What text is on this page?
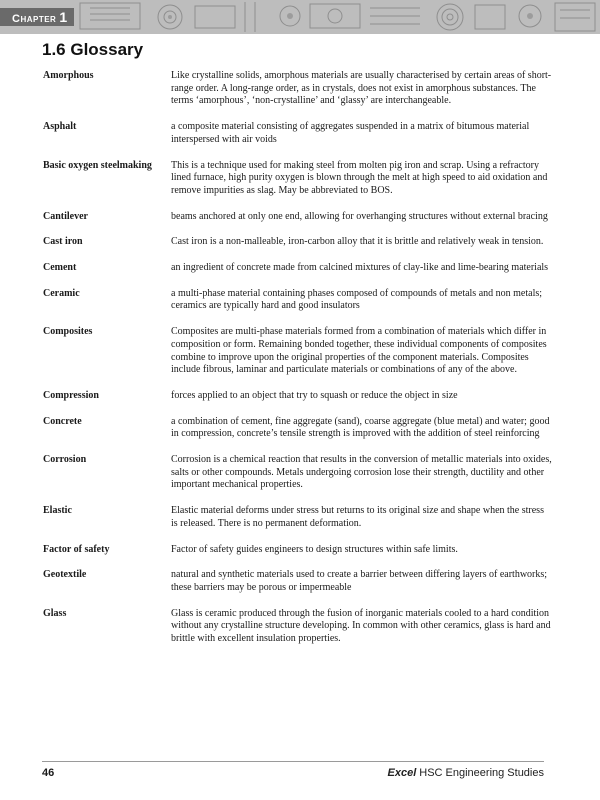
Chapter 1
1.6 Glossary
Amorphous	Like crystalline solids, amorphous materials are usually characterised by certain areas of short-range order. A long-range order, as in crystals, does not exist in amorphous substances. The terms ‘amorphous’, ‘non-crystalline’ and ‘glassy’ are interchangeable.
Asphalt	a composite material consisting of aggregates suspended in a matrix of bitumous material interspersed with air voids
Basic oxygen steelmaking	This is a technique used for making steel from molten pig iron and scrap. Using a refractory lined furnace, high purity oxygen is blown through the melt at high speed to aid oxidation and remove impurities as slag. May be abbreviated to BOS.
Cantilever	beams anchored at only one end, allowing for overhanging structures without external bracing
Cast iron	Cast iron is a non-malleable, iron-carbon alloy that it is brittle and relatively weak in tension.
Cement	an ingredient of concrete made from calcined mixtures of clay-like and lime-bearing materials
Ceramic	a multi-phase material containing phases composed of compounds of metals and non metals; ceramics are typically hard and good insulators
Composites	Composites are multi-phase materials formed from a combination of materials which differ in composition or form. Remaining bonded together, these individual components of composites combine to improve upon the original properties of the component materials. Composites include fibrous, laminar and particulate materials or combinations of any of the above.
Compression	forces applied to an object that try to squash or reduce the object in size
Concrete	a combination of cement, fine aggregate (sand), coarse aggregate (blue metal) and water; good in compression, concrete’s tensile strength is improved with the addition of steel reinforcing
Corrosion	Corrosion is a chemical reaction that results in the conversion of metallic materials into oxides, salts or other compounds. Metals undergoing corrosion lose their strength, ductility and other important mechanical properties.
Elastic	Elastic material deforms under stress but returns to its original size and shape when the stress is released. There is no permanent deformation.
Factor of safety	Factor of safety guides engineers to design structures within safe limits.
Geotextile	natural and synthetic materials used to create a barrier between differing layers of earthworks; these barriers may be porous or impermeable
Glass	Glass is ceramic produced through the fusion of inorganic materials cooled to a hard condition without any crystalline structure developing. In common with other ceramics, glass is hard and brittle with excellent insulation properties.
46	Excel HSC Engineering Studies
